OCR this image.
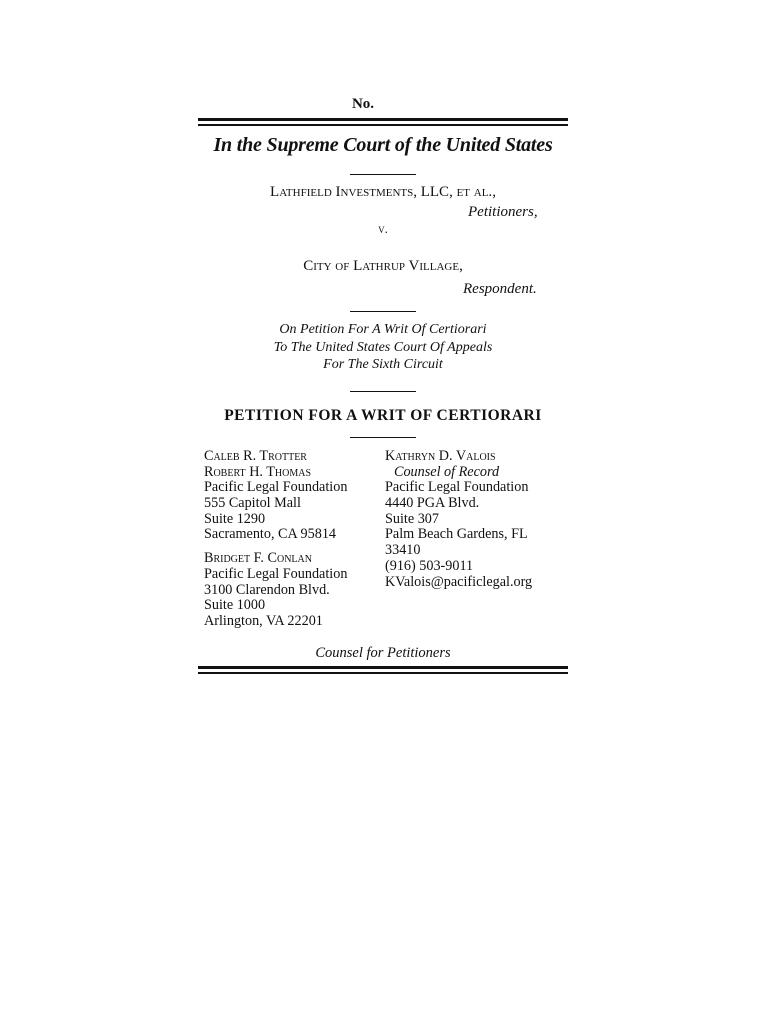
No.
In the Supreme Court of the United States
Lathfield Investments, LLC, et al.,
Petitioners,
v.
City of Lathrup Village,
Respondent.
On Petition For A Writ Of Certiorari
To The United States Court Of Appeals
For The Sixth Circuit
PETITION FOR A WRIT OF CERTIORARI
Caleb R. Trotter
Robert H. Thomas
Pacific Legal Foundation
555 Capitol Mall
Suite 1290
Sacramento, CA 95814
Bridget F. Conlan
Pacific Legal Foundation
3100 Clarendon Blvd.
Suite 1000
Arlington, VA 22201
Kathryn D. Valois
Counsel of Record
Pacific Legal Foundation
4440 PGA Blvd.
Suite 307
Palm Beach Gardens, FL
33410
(916) 503-9011
KValois@pacificlegal.org
Counsel for Petitioners
